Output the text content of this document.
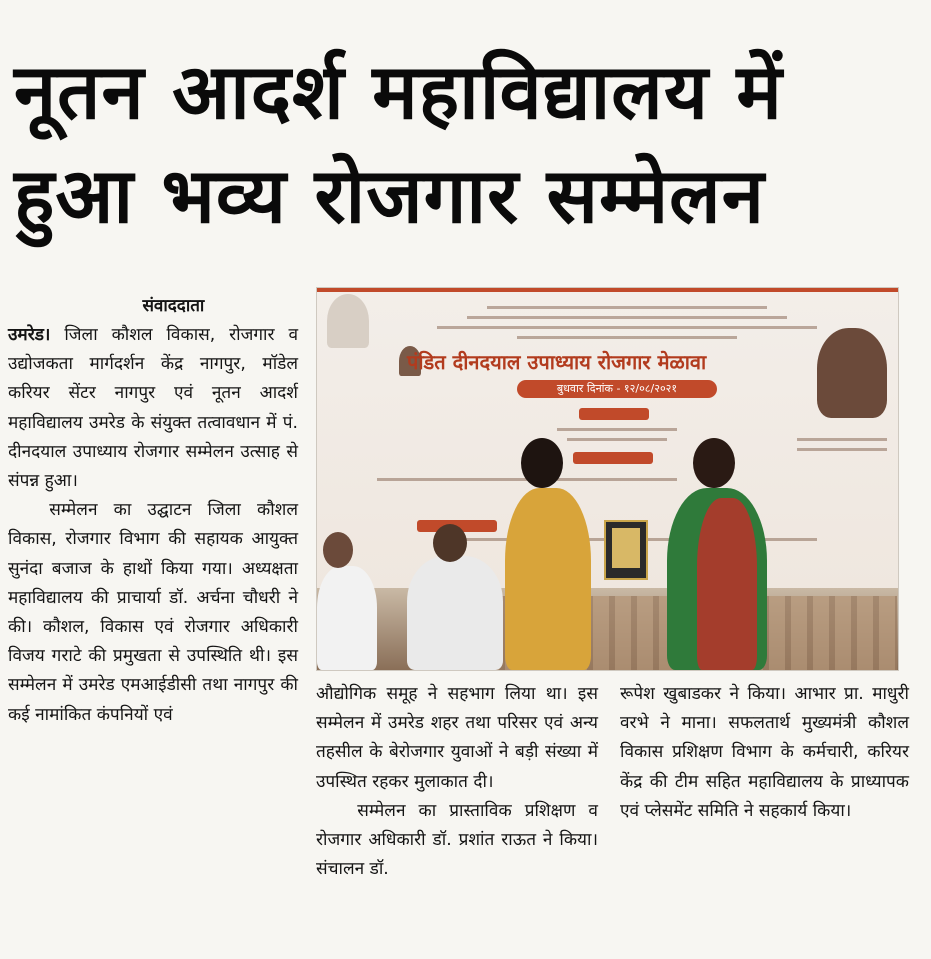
नूतन आदर्श महाविद्यालय में
हुआ भव्य रोजगार सम्मेलन

संवाददाता

उमरेड। जिला कौशल विकास, रोजगार व उद्योजकता मार्गदर्शन केंद्र नागपुर, मॉडेल करियर सेंटर नागपुर एवं नूतन आदर्श महाविद्यालय उमरेड के संयुक्त तत्वावधान में पं. दीनदयाल उपाध्याय रोजगार सम्मेलन उत्साह से संपन्न हुआ।

सम्मेलन का उद्घाटन जिला कौशल विकास, रोजगार विभाग की सहायक आयुक्त सुनंदा बजाज के हाथों किया गया। अध्यक्षता महाविद्यालय की प्राचार्या डॉ. अर्चना चौधरी ने की। कौशल, विकास एवं रोजगार अधिकारी विजय गराटे की प्रमुखता से उपस्थिति थी। इस सम्मेलन में उमरेड एमआईडीसी तथा नागपुर की कई नामांकित कंपनियों एवं

पंडित दीनदयाल उपाध्याय रोजगार मेळावा
बुधवार दिनांक - १२/०८/२०२१

औद्योगिक समूह ने सहभाग लिया था। इस सम्मेलन में उमरेड शहर तथा परिसर एवं अन्य तहसील के बेरोजगार युवाओं ने बड़ी संख्या में उपस्थित रहकर मुलाकात दी।

सम्मेलन का प्रास्ताविक प्रशिक्षण व रोजगार अधिकारी डॉ. प्रशांत राऊत ने किया। संचालन डॉ.

रूपेश खुबाडकर ने किया। आभार प्रा. माधुरी वरभे ने माना। सफलतार्थ मुख्यमंत्री कौशल विकास प्रशिक्षण विभाग के कर्मचारी, करियर केंद्र की टीम सहित महाविद्यालय के प्राध्यापक एवं प्लेसमेंट समिति ने सहकार्य किया।
